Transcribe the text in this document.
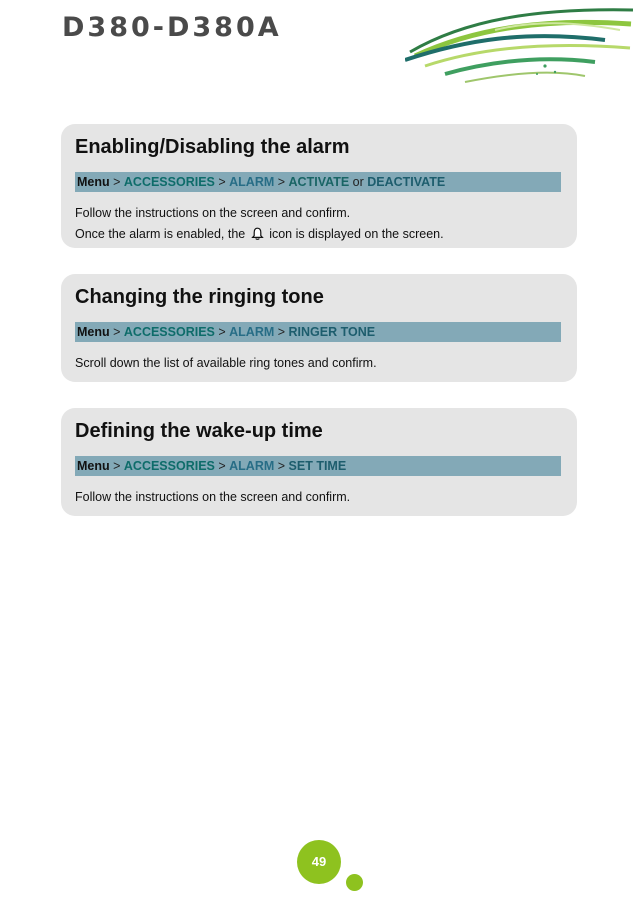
D380-D380A
Enabling/Disabling the alarm
Menu > ACCESSORIES > ALARM > ACTIVATE or DEACTIVATE
Follow the instructions on the screen and confirm.
Once the alarm is enabled, the  icon is displayed on the screen.
Changing the ringing tone
Menu > ACCESSORIES > ALARM > RINGER TONE
Scroll down the list of available ring tones and confirm.
Defining the wake-up time
Menu > ACCESSORIES > ALARM > SET TIME
Follow the instructions on the screen and confirm.
49
